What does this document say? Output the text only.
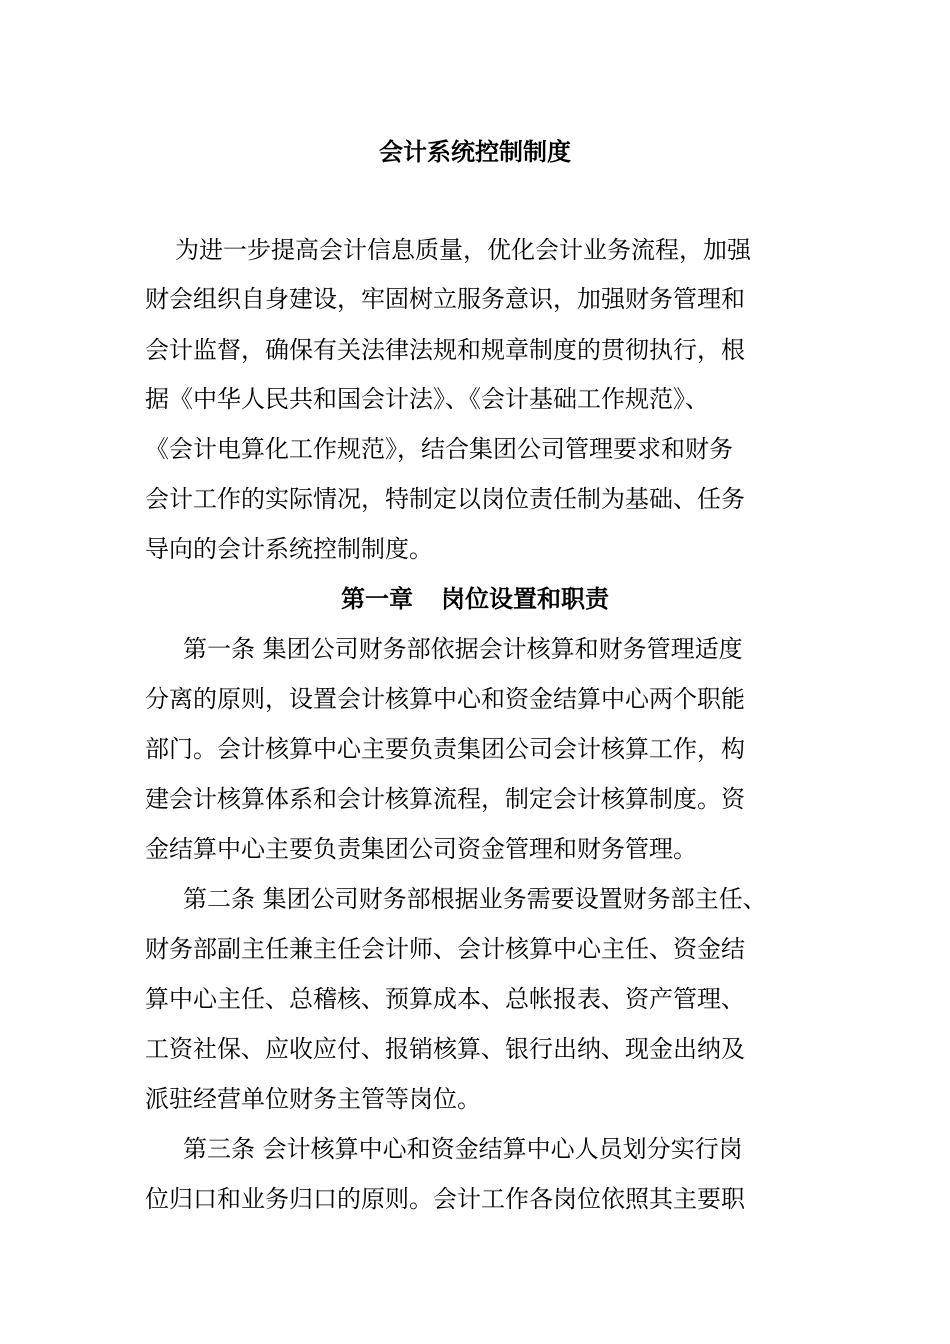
会计系统控制制度

为进一步提高会计信息质量，优化会计业务流程，加强

财会组织自身建设，牢固树立服务意识，加强财务管理和

会计监督，确保有关法律法规和规章制度的贯彻执行，根

据《中华人民共和国会计法》、《会计基础工作规范》、

《会计电算化工作规范》，结合集团公司管理要求和财务

会计工作的实际情况，特制定以岗位责任制为基础、任务

导向的会计系统控制制度。

第一章 岗位设置和职责

第一条 集团公司财务部依据会计核算和财务管理适度

分离的原则，设置会计核算中心和资金结算中心两个职能

部门。会计核算中心主要负责集团公司会计核算工作，构

建会计核算体系和会计核算流程，制定会计核算制度。资

金结算中心主要负责集团公司资金管理和财务管理。

第二条 集团公司财务部根据业务需要设置财务部主任、

财务部副主任兼主任会计师、会计核算中心主任、资金结

算中心主任、总稽核、预算成本、总帐报表、资产管理、

工资社保、应收应付、报销核算、银行出纳、现金出纳及

派驻经营单位财务主管等岗位。

第三条 会计核算中心和资金结算中心人员划分实行岗

位归口和业务归口的原则。会计工作各岗位依照其主要职
